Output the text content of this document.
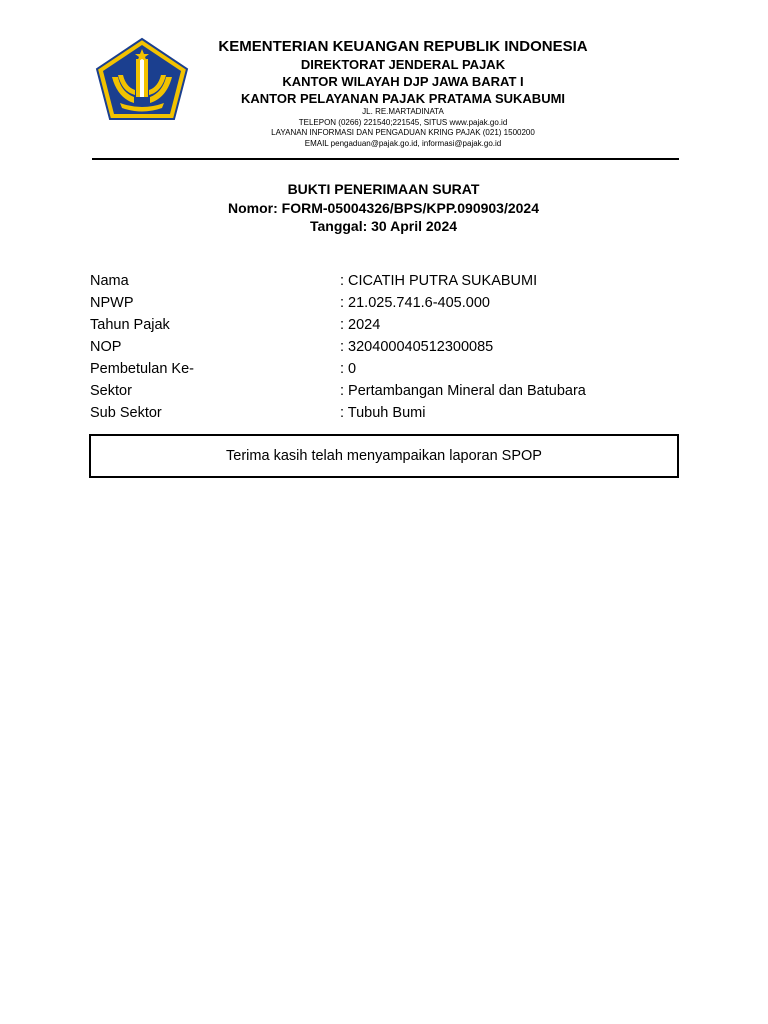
KEMENTERIAN KEUANGAN REPUBLIK INDONESIA
DIREKTORAT JENDERAL PAJAK
KANTOR WILAYAH DJP JAWA BARAT I
KANTOR PELAYANAN PAJAK PRATAMA SUKABUMI
JL. RE.MARTADINATA
TELEPON (0266) 221540;221545, SITUS www.pajak.go.id
LAYANAN INFORMASI DAN PENGADUAN KRING PAJAK (021) 1500200
EMAIL pengaduan@pajak.go.id, informasi@pajak.go.id
BUKTI PENERIMAAN SURAT
Nomor: FORM-05004326/BPS/KPP.090903/2024
Tanggal: 30 April 2024
Nama	: CICATIH PUTRA SUKABUMI
NPWP	: 21.025.741.6-405.000
Tahun Pajak	: 2024
NOP	: 320400040512300085
Pembetulan Ke-	: 0
Sektor	: Pertambangan Mineral dan Batubara
Sub Sektor	: Tubuh Bumi
Terima kasih telah menyampaikan laporan SPOP
